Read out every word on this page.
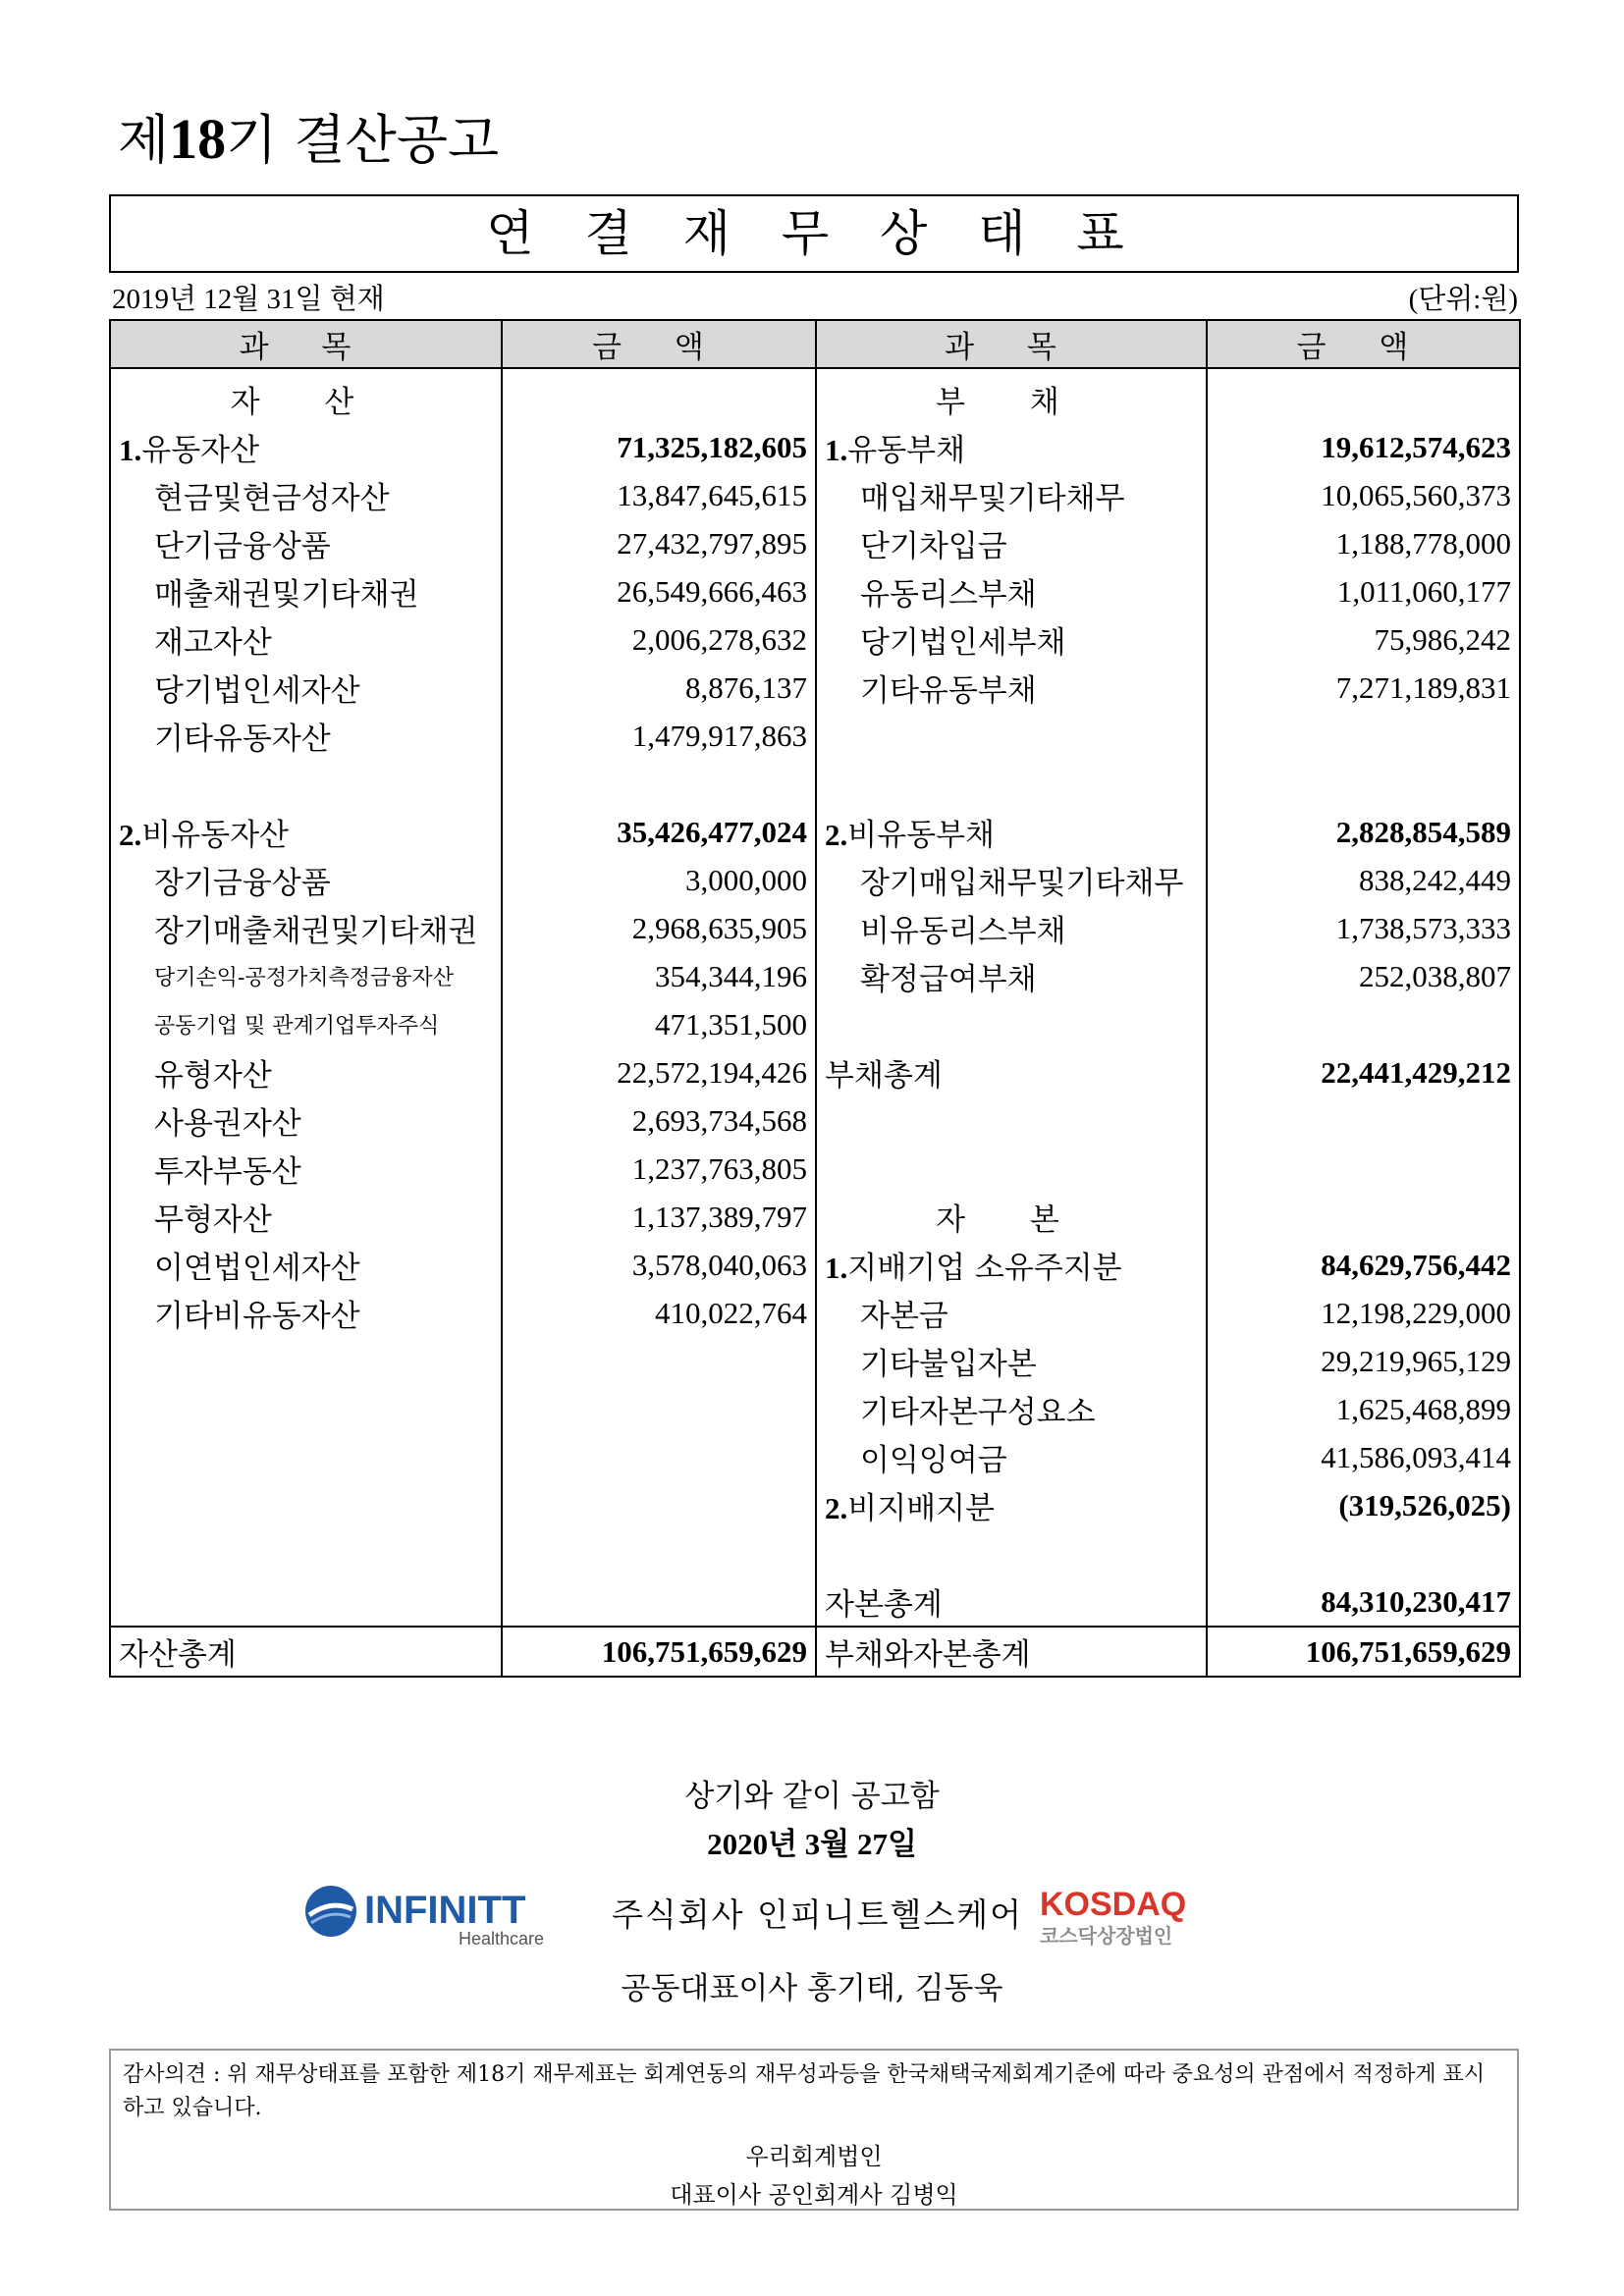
제18기 결산공고
연 결 재 무 상 태 표
2019년 12월 31일 현재	(단위:원)
과 목	금 액	과 목	금 액
자 산		부 채	
1.유동자산	71,325,182,605	1.유동부채	19,612,574,623
현금및현금성자산	13,847,645,615	매입채무및기타채무	10,065,560,373
단기금융상품	27,432,797,895	단기차입금	1,188,778,000
매출채권및기타채권	26,549,666,463	유동리스부채	1,011,060,177
재고자산	2,006,278,632	당기법인세부채	75,986,242
당기법인세자산	8,876,137	기타유동부채	7,271,189,831
기타유동자산	1,479,917,863		

2.비유동자산	35,426,477,024	2.비유동부채	2,828,854,589
장기금융상품	3,000,000	장기매입채무및기타채무	838,242,449
장기매출채권및기타채권	2,968,635,905	비유동리스부채	1,738,573,333
당기손익-공정가치측정금융자산	354,344,196	확정급여부채	252,038,807
공동기업 및 관계기업투자주식	471,351,500		
유형자산	22,572,194,426	부채총계	22,441,429,212
사용권자산	2,693,734,568		
투자부동산	1,237,763,805		
무형자산	1,137,389,797	자 본	
이연법인세자산	3,578,040,063	1.지배기업 소유주지분	84,629,756,442
기타비유동자산	410,022,764	자본금	12,198,229,000
		기타불입자본	29,219,965,129
		기타자본구성요소	1,625,468,899
		이익잉여금	41,586,093,414
		2.비지배지분	(319,526,025)

		자본총계	84,310,230,417
자산총계	106,751,659,629	부채와자본총계	106,751,659,629
상기와 같이 공고함
2020년 3월 27일
INFINITT
Healthcare
주식회사 인피니트헬스케어 KOSDAQ
코스닥상장법인
공동대표이사 홍기태, 김동욱
감사의견 : 위 재무상태표를 포함한 제18기 재무제표는 회계연동의 재무성과등을 한국채택국제회계기준에 따라 중요성의 관점에서 적정하게 표시하고 있습니다.
우리회계법인
대표이사 공인회계사 김병익
